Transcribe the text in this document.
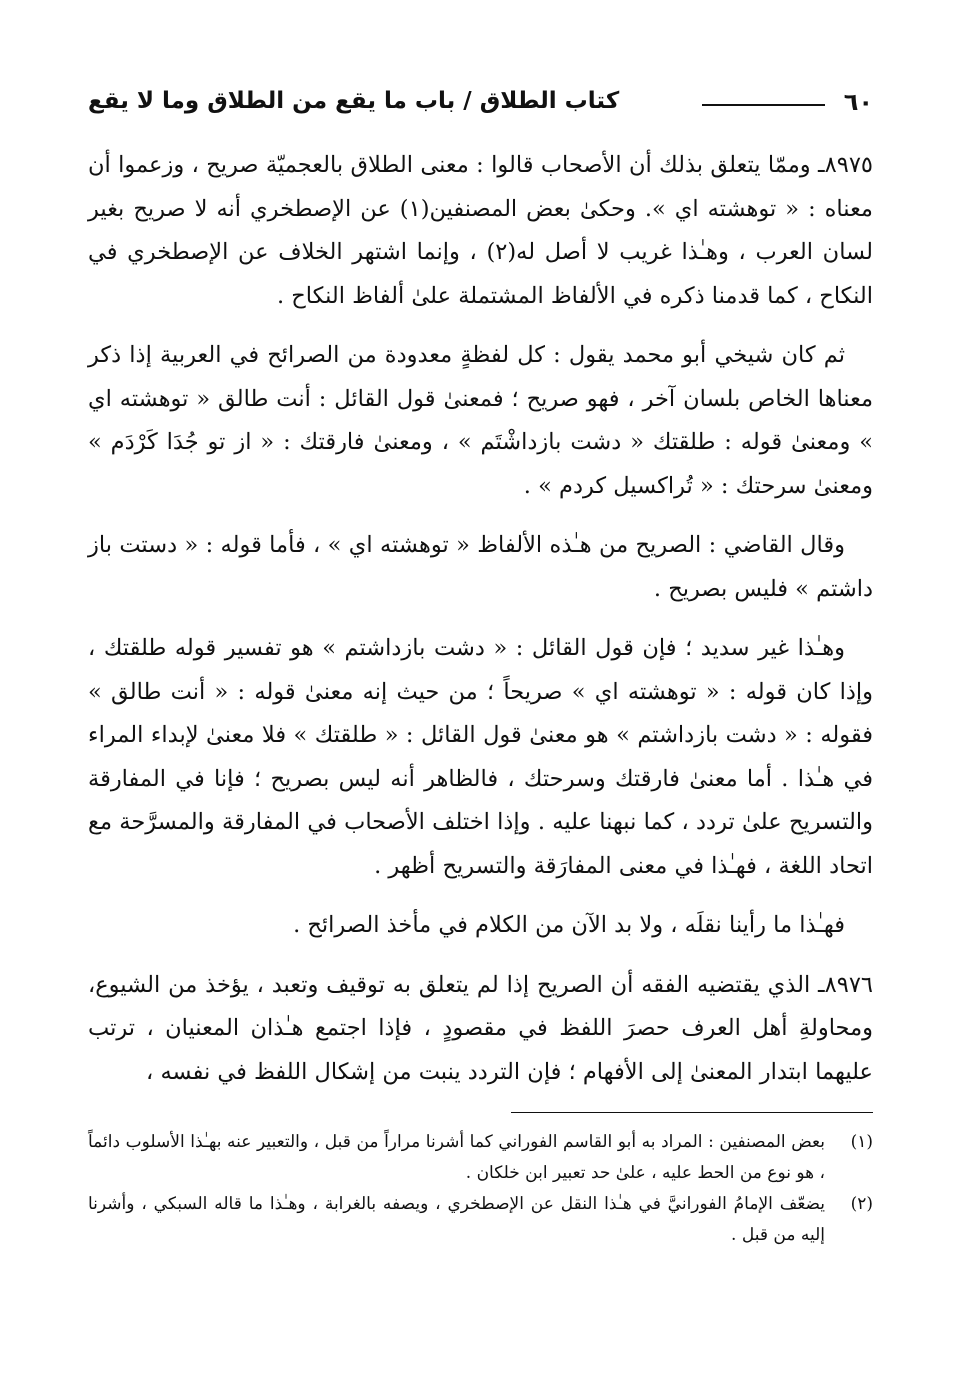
٦٠
كتاب الطلاق / باب ما يقع من الطلاق وما لا يقع

٨٩٧٥ـ وممّا يتعلق بذلك أن الأصحاب قالوا : معنى الطلاق بالعجميّة صريح ، وزعموا أن معناه : « توهشته اي ». وحكىٰ بعض المصنفين(١) عن الإصطخري أنه لا صريح بغير لسان العرب ، وهـٰذا غريب لا أصل له(٢) ، وإنما اشتهر الخلاف عن الإصطخري في النكاح ، كما قدمنا ذكره في الألفاظ المشتملة علىٰ ألفاظ النكاح .

ثم كان شيخي أبو محمد يقول : كل لفظةٍ معدودة من الصرائح في العربية إذا ذكر معناها الخاص بلسان آخر ، فهو صريح ؛ فمعنىٰ قول القائل : أنت طالق « توهشته اي » ومعنىٰ قوله : طلقتك « دشت بازداشْتَم » ، ومعنىٰ فارقتك : « از تو جُدَا كَرْدَم » ومعنىٰ سرحتك : « تُراكسيل كردم » .

وقال القاضي : الصريح من هـٰذه الألفاظ « توهشته اي » ، فأما قوله : « دستت باز داشتم » فليس بصريح .

وهـٰذا غير سديد ؛ فإن قول القائل : « دشت بازداشتم » هو تفسير قوله طلقتك ، وإذا كان قوله : « توهشته اي » صريحاً ؛ من حيث إنه معنىٰ قوله : « أنت طالق » فقوله : « دشت بازداشتم » هو معنىٰ قول القائل : « طلقتك » فلا معنىٰ لإبداء المراء في هـٰذا . أما معنىٰ فارقتك وسرحتك ، فالظاهر أنه ليس بصريح ؛ فإنا في المفارقة والتسريح علىٰ تردد ، كما نبهنا عليه . وإذا اختلف الأصحاب في المفارقة والمسرَّحة مع اتحاد اللغة ، فهـٰذا في معنى المفارَقة والتسريح أظهر .

فهـٰذا ما رأينا نقلَه ، ولا بد الآن من الكلام في مأخذ الصرائح .

٨٩٧٦ـ الذي يقتضيه الفقه أن الصريح إذا لم يتعلق به توقيف وتعبد ، يؤخذ من الشيوع، ومحاولةِ أهل العرف حصرَ اللفظ في مقصودٍ ، فإذا اجتمع هـٰذان المعنيان ، ترتب عليهما ابتدار المعنىٰ إلى الأفهام ؛ فإن التردد ينبت من إشكال اللفظ في نفسه ،

(١)
بعض المصنفين : المراد به أبو القاسم الفوراني كما أشرنا مراراً من قبل ، والتعبير عنه بهـٰذا الأسلوب دائماً ، هو نوع من الحط عليه ، علىٰ حد تعبير ابن خلكان .
(٢)
يضعّف الإمامُ الفورانيَّ في هـٰذا النقل عن الإصطخري ، ويصفه بالغرابة ، وهـٰذا ما قاله السبكي ، وأشرنا إليه من قبل .
